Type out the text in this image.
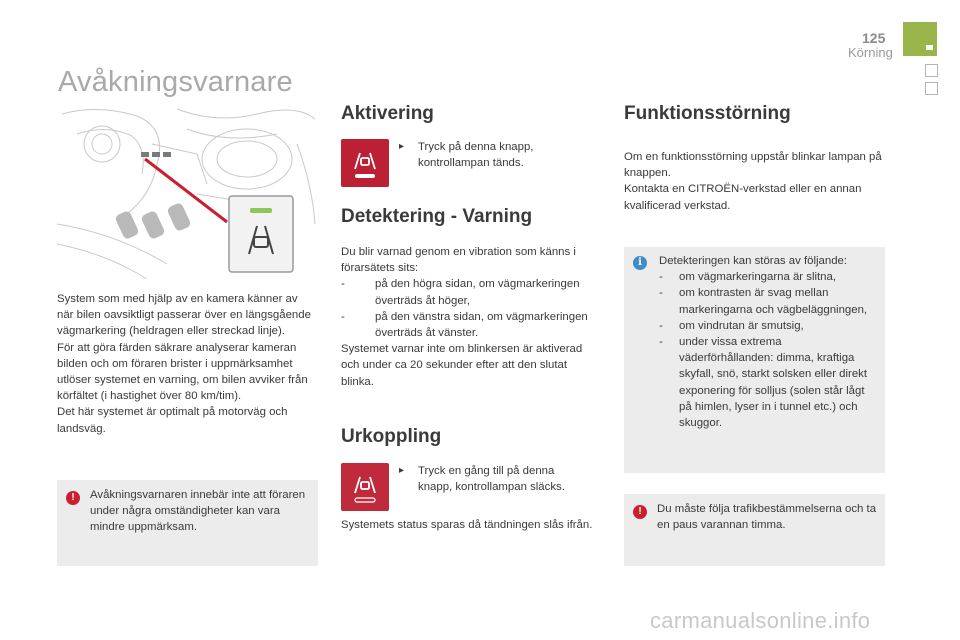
125
Körning
Avåkningsvarnare
System som med hjälp av en kamera känner av när bilen oavsiktligt passerar över en längsgående vägmarkering (heldragen eller streckad linje).
För att göra färden säkrare analyserar kameran bilden och om föraren brister i uppmärksamhet utlöser systemet en varning, om bilen avviker från körfältet (i hastighet över 80 km/tim).
Det här systemet är optimalt på motorväg och landsväg.
!	Avåkningsvarnaren innebär inte att föraren under några omständigheter kan vara mindre uppmärksam.
Aktivering
▸	Tryck på denna knapp, kontrollampan tänds.
Detektering - Varning
Du blir varnad genom en vibration som känns i förarsätets sits:
-	på den högra sidan, om vägmarkeringen överträds åt höger,
-	på den vänstra sidan, om vägmarkeringen överträds åt vänster.
Systemet varnar inte om blinkersen är aktiverad och under ca 20 sekunder efter att den slutat blinka.
Urkoppling
▸	Tryck en gång till på denna knapp, kontrollampan släcks.
Systemets status sparas då tändningen slås ifrån.
Funktionsstörning
Om en funktionsstörning uppstår blinkar lampan på knappen.
Kontakta en CITROËN-verkstad eller en annan kvalificerad verkstad.
i	Detekteringen kan störas av följande:
- om vägmarkeringarna är slitna,
- om kontrasten är svag mellan markeringarna och vägbeläggningen,
- om vindrutan är smutsig,
- under vissa extrema väderförhållanden: dimma, kraftiga skyfall, snö, starkt solsken eller direkt exponering för solljus (solen står lågt på himlen, lyser in i tunnel etc.) och skuggor.
!	Du måste följa trafikbestämmelserna och ta en paus varannan timma.
carmanualsonline.info
